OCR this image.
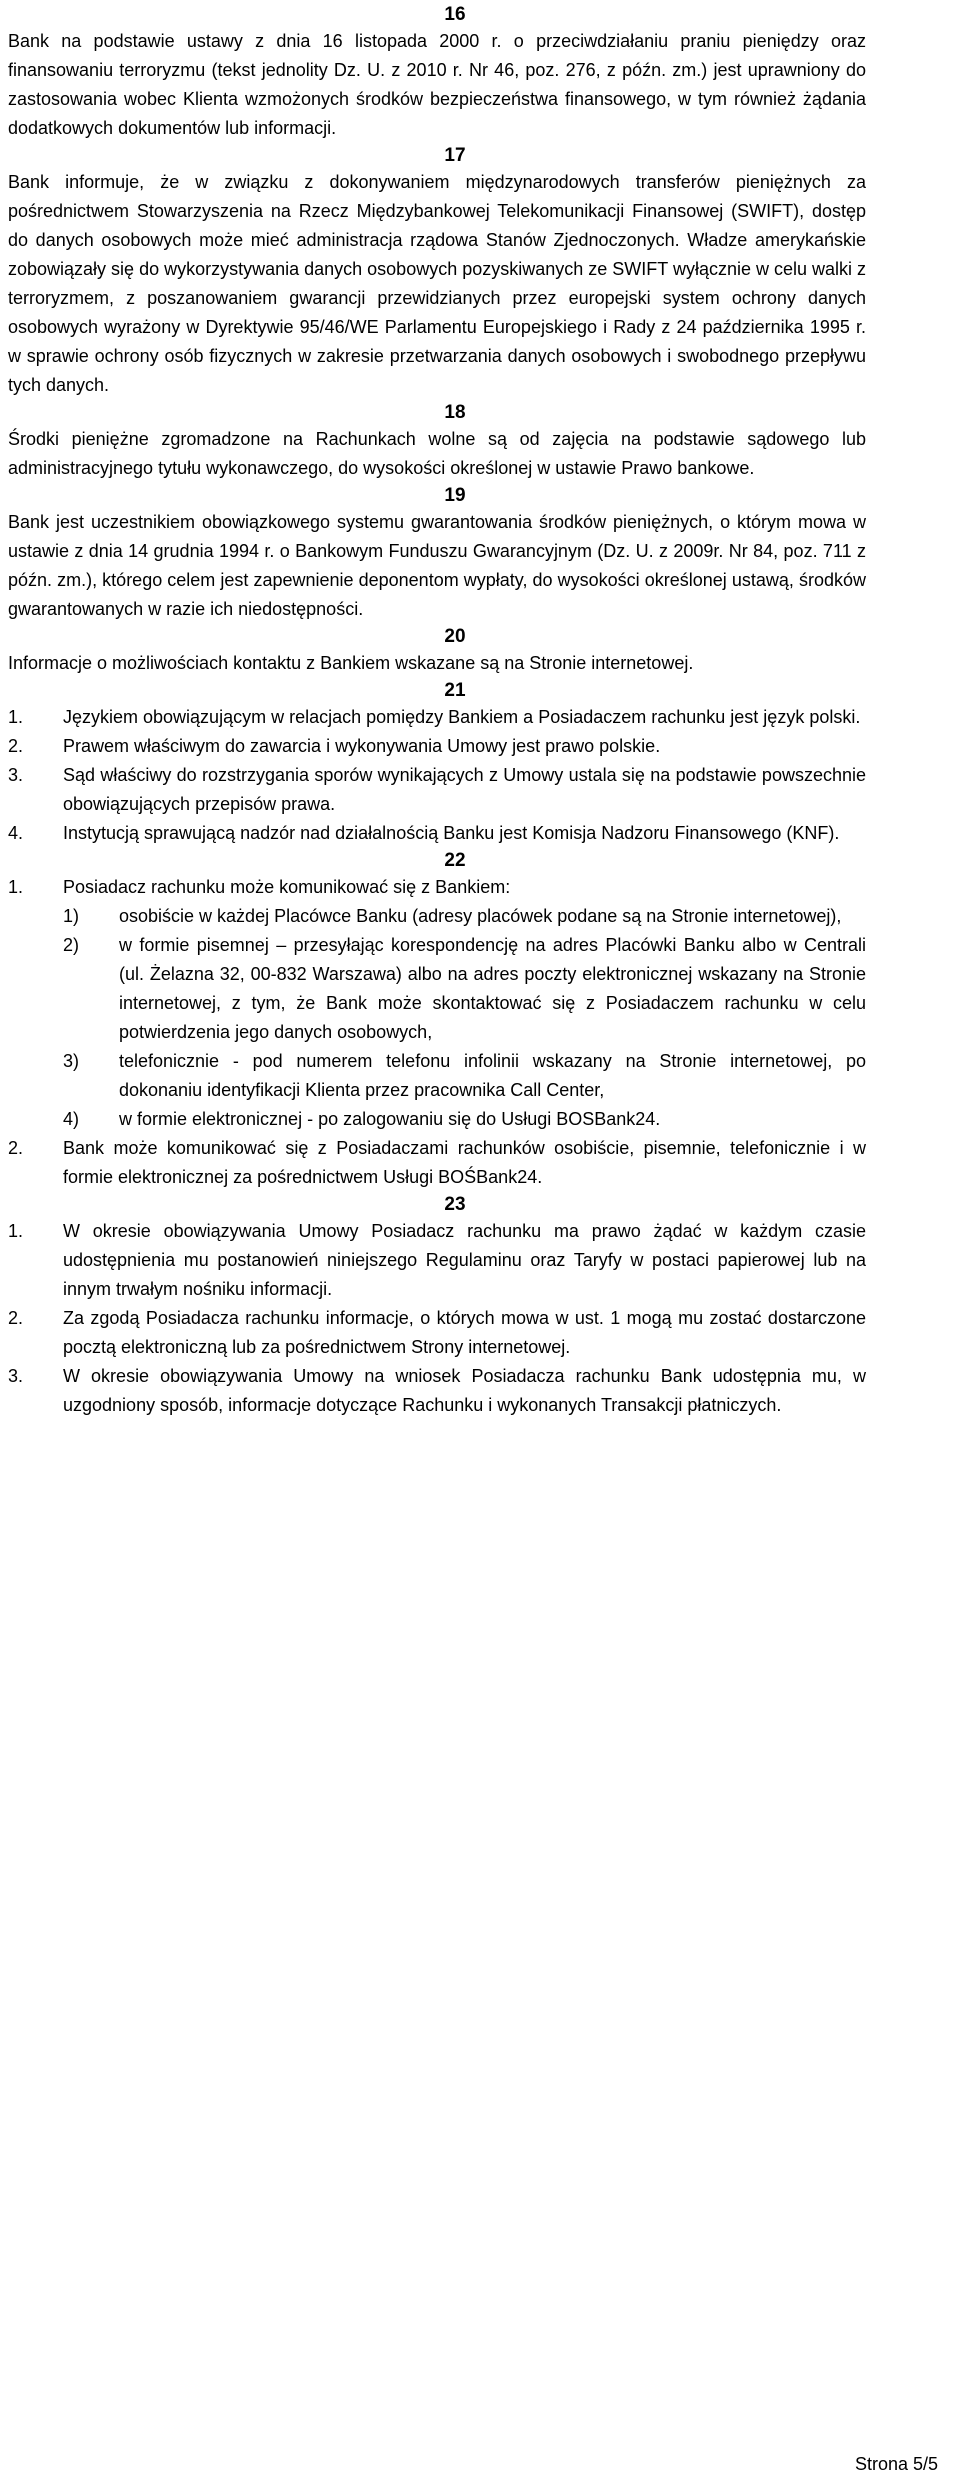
16

Bank na podstawie ustawy z dnia 16 listopada 2000 r. o przeciwdziałaniu praniu pieniędzy oraz finansowaniu terroryzmu (tekst jednolity Dz. U. z 2010 r. Nr 46, poz. 276, z późn. zm.) jest uprawniony do zastosowania wobec Klienta wzmożonych środków bezpieczeństwa finansowego, w tym również żądania dodatkowych dokumentów lub informacji.

17

Bank informuje, że w związku z dokonywaniem międzynarodowych transferów pieniężnych za pośrednictwem Stowarzyszenia na Rzecz Międzybankowej Telekomunikacji Finansowej (SWIFT), dostęp do danych osobowych może mieć administracja rządowa Stanów Zjednoczonych. Władze amerykańskie zobowiązały się do wykorzystywania danych osobowych pozyskiwanych ze SWIFT wyłącznie w celu walki z terroryzmem, z poszanowaniem gwarancji przewidzianych przez europejski system ochrony danych osobowych wyrażony w Dyrektywie 95/46/WE Parlamentu Europejskiego i Rady z 24 października 1995 r. w sprawie ochrony osób fizycznych w zakresie przetwarzania danych osobowych i swobodnego przepływu tych danych.

18

Środki pieniężne zgromadzone na Rachunkach wolne są od zajęcia na podstawie sądowego lub administracyjnego tytułu wykonawczego, do wysokości określonej w ustawie Prawo bankowe.

19

Bank jest uczestnikiem obowiązkowego systemu gwarantowania środków pieniężnych, o którym mowa w ustawie z dnia 14 grudnia 1994 r. o Bankowym Funduszu Gwarancyjnym (Dz. U. z 2009r. Nr 84, poz. 711 z późn. zm.), którego celem jest zapewnienie deponentom wypłaty, do wysokości określonej ustawą, środków gwarantowanych w razie ich niedostępności.

20

Informacje o możliwościach kontaktu z Bankiem wskazane są na Stronie internetowej.

21
1.	Językiem obowiązującym w relacjach pomiędzy Bankiem a Posiadaczem rachunku jest język polski.
2.	Prawem właściwym do zawarcia i wykonywania Umowy jest prawo polskie.
3.	Sąd właściwy do rozstrzygania sporów wynikających z Umowy ustala się na podstawie powszechnie obowiązujących przepisów prawa.
4.	Instytucją sprawującą nadzór nad działalnością Banku jest Komisja Nadzoru Finansowego (KNF).
22
1.	Posiadacz rachunku może komunikować się z Bankiem:
1)	osobiście w każdej Placówce Banku (adresy placówek podane są na Stronie internetowej),
2)	w formie pisemnej – przesyłając korespondencję na adres Placówki Banku albo w Centrali (ul. Żelazna 32, 00-832 Warszawa) albo na adres poczty elektronicznej wskazany na Stronie internetowej, z tym, że Bank może skontaktować się z Posiadaczem rachunku w celu potwierdzenia jego danych osobowych,
3)	telefonicznie - pod numerem telefonu infolinii wskazany na Stronie internetowej, po dokonaniu identyfikacji Klienta przez pracownika Call Center,
4)	w formie elektronicznej - po zalogowaniu się do Usługi BOSBank24.
2.	Bank może komunikować się z Posiadaczami rachunków osobiście, pisemnie, telefonicznie i w formie elektronicznej za pośrednictwem Usługi BOŚBank24.
23
1.	W okresie obowiązywania Umowy Posiadacz rachunku ma prawo żądać w każdym czasie udostępnienia mu postanowień niniejszego Regulaminu oraz Taryfy w postaci papierowej lub na innym trwałym nośniku informacji.
2.	Za zgodą Posiadacza rachunku informacje, o których mowa w ust. 1 mogą mu zostać dostarczone pocztą elektroniczną lub za pośrednictwem Strony internetowej.
3.	W okresie obowiązywania Umowy na wniosek Posiadacza rachunku Bank udostępnia mu, w uzgodniony sposób, informacje dotyczące Rachunku i wykonanych Transakcji płatniczych.
Strona 5/5
